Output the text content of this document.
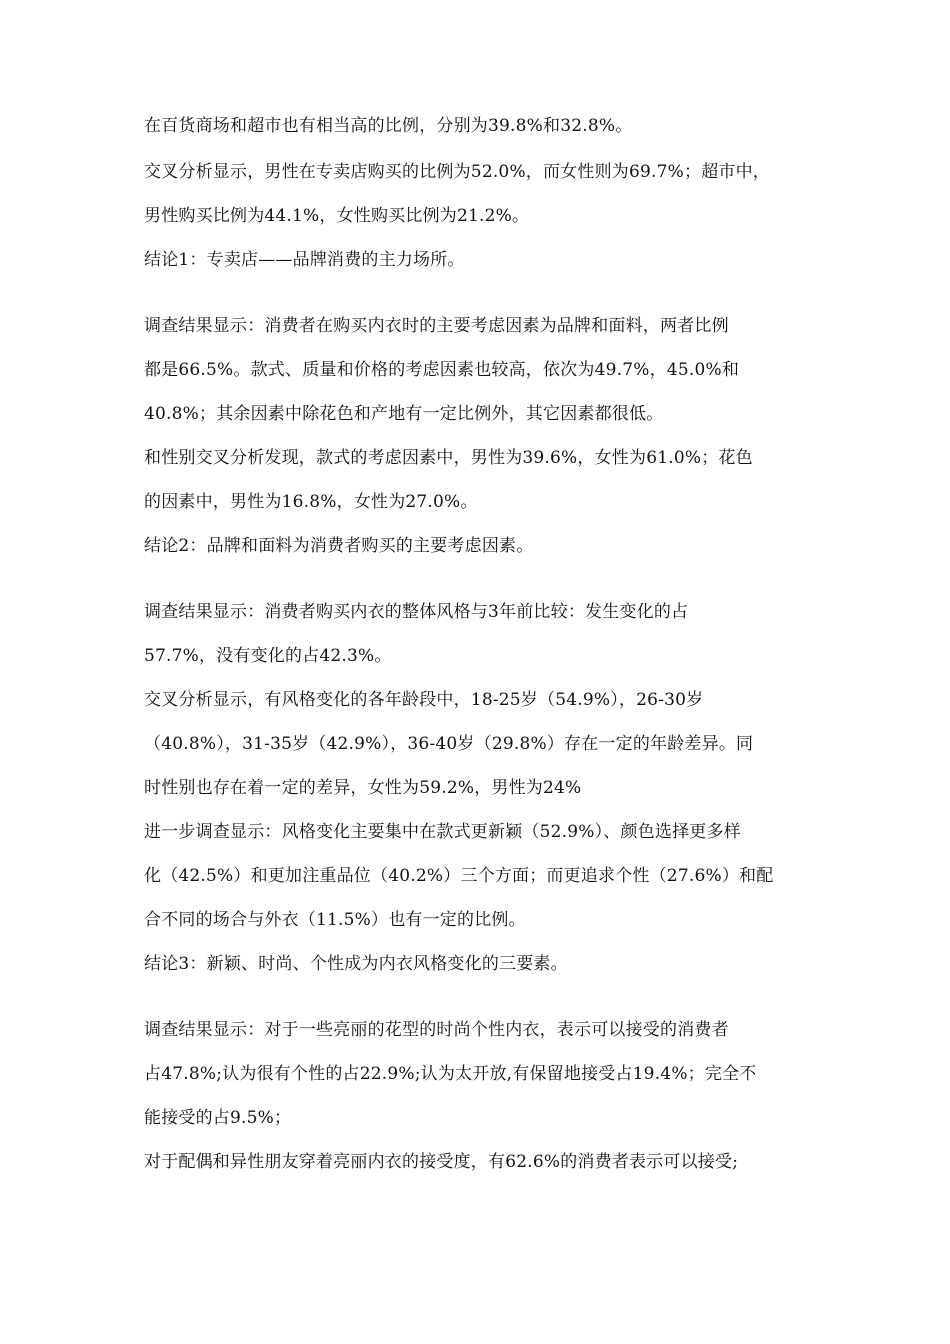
在百货商场和超市也有相当高的比例，分别为39.8%和32.8%。
交叉分析显示，男性在专卖店购买的比例为52.0%，而女性则为69.7%；超市中，
男性购买比例为44.1%，女性购买比例为21.2%。
结论1：专卖店——品牌消费的主力场所。
调查结果显示：消费者在购买内衣时的主要考虑因素为品牌和面料，两者比例
都是66.5%。款式、质量和价格的考虑因素也较高，依次为49.7%，45.0%和
40.8%；其余因素中除花色和产地有一定比例外，其它因素都很低。
和性别交叉分析发现，款式的考虑因素中，男性为39.6%，女性为61.0%；花色
的因素中，男性为16.8%，女性为27.0%。
结论2：品牌和面料为消费者购买的主要考虑因素。
调查结果显示：消费者购买内衣的整体风格与3年前比较：发生变化的占
57.7%，没有变化的占42.3%。
交叉分析显示，有风格变化的各年龄段中，18-25岁（54.9%），26-30岁
（40.8%），31-35岁（42.9%），36-40岁（29.8%）存在一定的年龄差异。同
时性别也存在着一定的差异，女性为59.2%，男性为24%
进一步调查显示：风格变化主要集中在款式更新颖（52.9%）、颜色选择更多样
化（42.5%）和更加注重品位（40.2%）三个方面；而更追求个性（27.6%）和配
合不同的场合与外衣（11.5%）也有一定的比例。
结论3：新颖、时尚、个性成为内衣风格变化的三要素。
调查结果显示：对于一些亮丽的花型的时尚个性内衣，表示可以接受的消费者
占47.8%;认为很有个性的占22.9%;认为太开放,有保留地接受占19.4%；完全不
能接受的占9.5%；
对于配偶和异性朋友穿着亮丽内衣的接受度，有62.6%的消费者表示可以接受;
